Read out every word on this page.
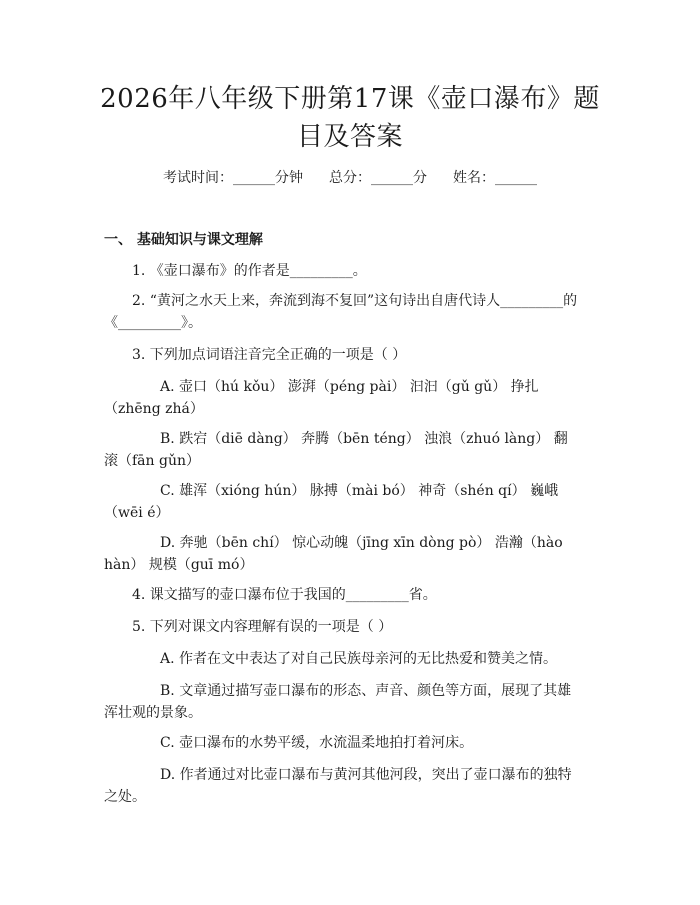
2026年八年级下册第17课《壶口瀑布》题目及答案
考试时间：______分钟 总分：______分 姓名：______
一、 基础知识与课文理解
1. 《壶口瀑布》的作者是_________。
2. “黄河之水天上来，奔流到海不复回”这句诗出自唐代诗人_________的《_________》。
3. 下列加点词语注音完全正确的一项是（ ）
A. 壶口（hú kǒu） 澎湃（péng pài） 汩汩（gǔ gǔ） 挣扎（zhēng zhá）
B. 跌宕（diē dàng） 奔腾（bēn téng） 浊浪（zhuó làng） 翻滚（fān gǔn）
C. 雄浑（xióng hún） 脉搏（mài bó） 神奇（shén qí） 巍峨（wēi é）
D. 奔驰（bēn chí） 惊心动魄（jīng xīn dòng pò） 浩瀚（hào hàn） 规模（guī mó）
4. 课文描写的壶口瀑布位于我国的_________省。
5. 下列对课文内容理解有误的一项是（ ）
A. 作者在文中表达了对自己民族母亲河的无比热爱和赞美之情。
B. 文章通过描写壶口瀑布的形态、声音、颜色等方面，展现了其雄浑壮观的景象。
C. 壶口瀑布的水势平缓，水流温柔地拍打着河床。
D. 作者通过对比壶口瀑布与黄河其他河段，突出了壶口瀑布的独特之处。
